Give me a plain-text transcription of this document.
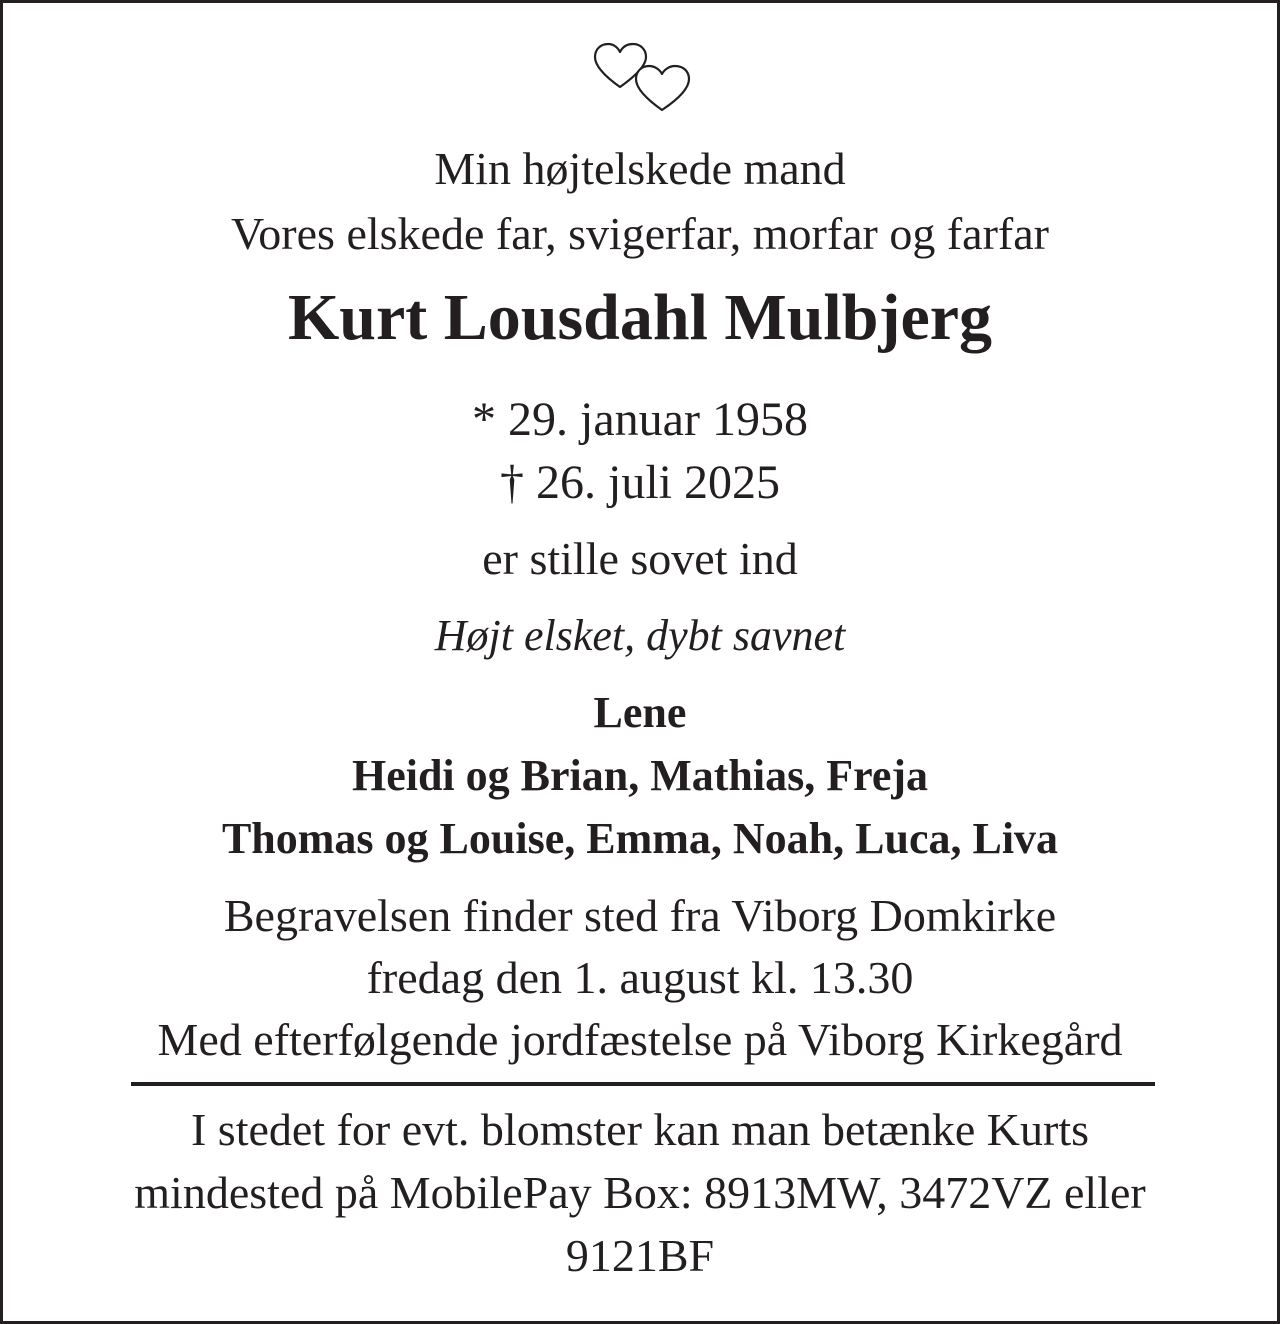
Min højtelskede mand
Vores elskede far, svigerfar, morfar og farfar
Kurt Lousdahl Mulbjerg
* 29. januar 1958
† 26. juli 2025
er stille sovet ind
Højt elsket, dybt savnet
Lene
Heidi og Brian, Mathias, Freja
Thomas og Louise, Emma, Noah, Luca, Liva
Begravelsen finder sted fra Viborg Domkirke
fredag den 1. august kl. 13.30
Med efterfølgende jordfæstelse på Viborg Kirkegård
I stedet for evt. blomster kan man betænke Kurts
mindested på MobilePay Box: 8913MW, 3472VZ eller
9121BF
